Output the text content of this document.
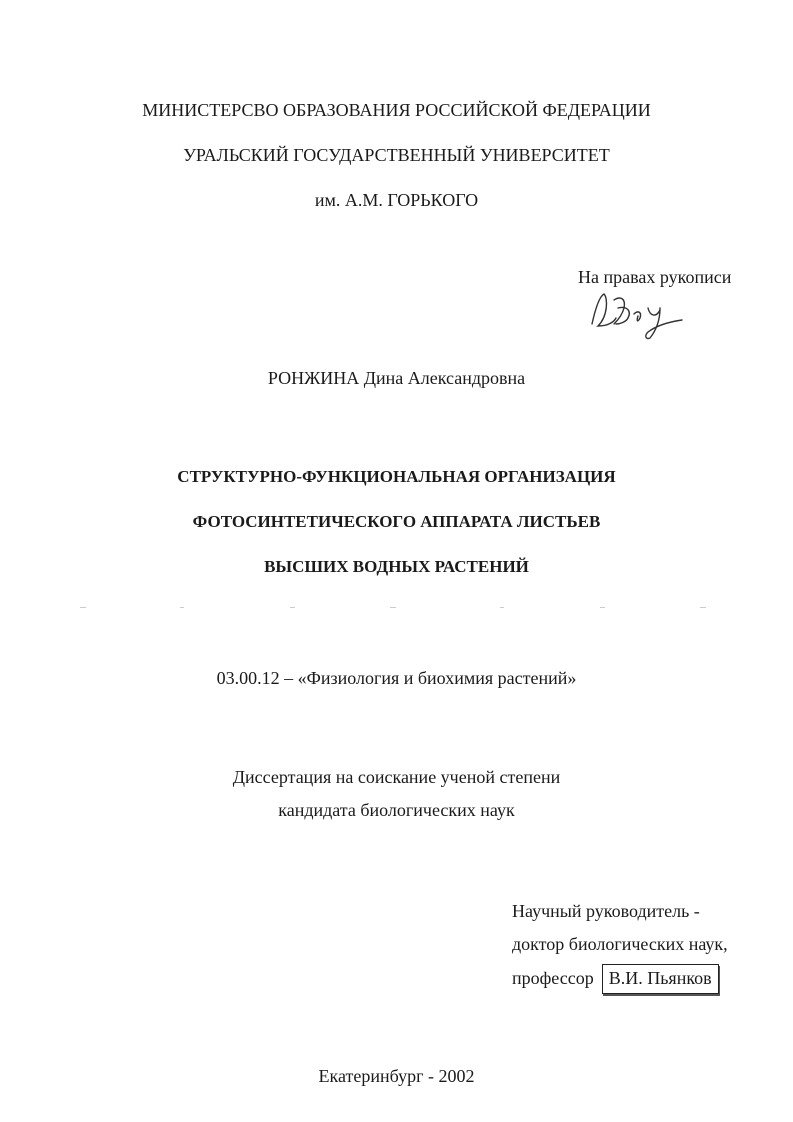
МИНИСТЕРСВО ОБРАЗОВАНИЯ РОССИЙСКОЙ ФЕДЕРАЦИИ
УРАЛЬСКИЙ ГОСУДАРСТВЕННЫЙ УНИВЕРСИТЕТ
им. А.М. ГОРЬКОГО
На правах рукописи
РОНЖИНА Дина Александровна
СТРУКТУРНО-ФУНКЦИОНАЛЬНАЯ ОРГАНИЗАЦИЯ
ФОТОСИНТЕТИЧЕСКОГО АППАРАТА ЛИСТЬЕВ
ВЫСШИХ ВОДНЫХ РАСТЕНИЙ
03.00.12 – «Физиология и биохимия растений»
Диссертация на соискание ученой степени
кандидата биологических наук
Научный руководитель -
доктор биологических наук,
профессор В.И. Пьянков
Екатеринбург - 2002
